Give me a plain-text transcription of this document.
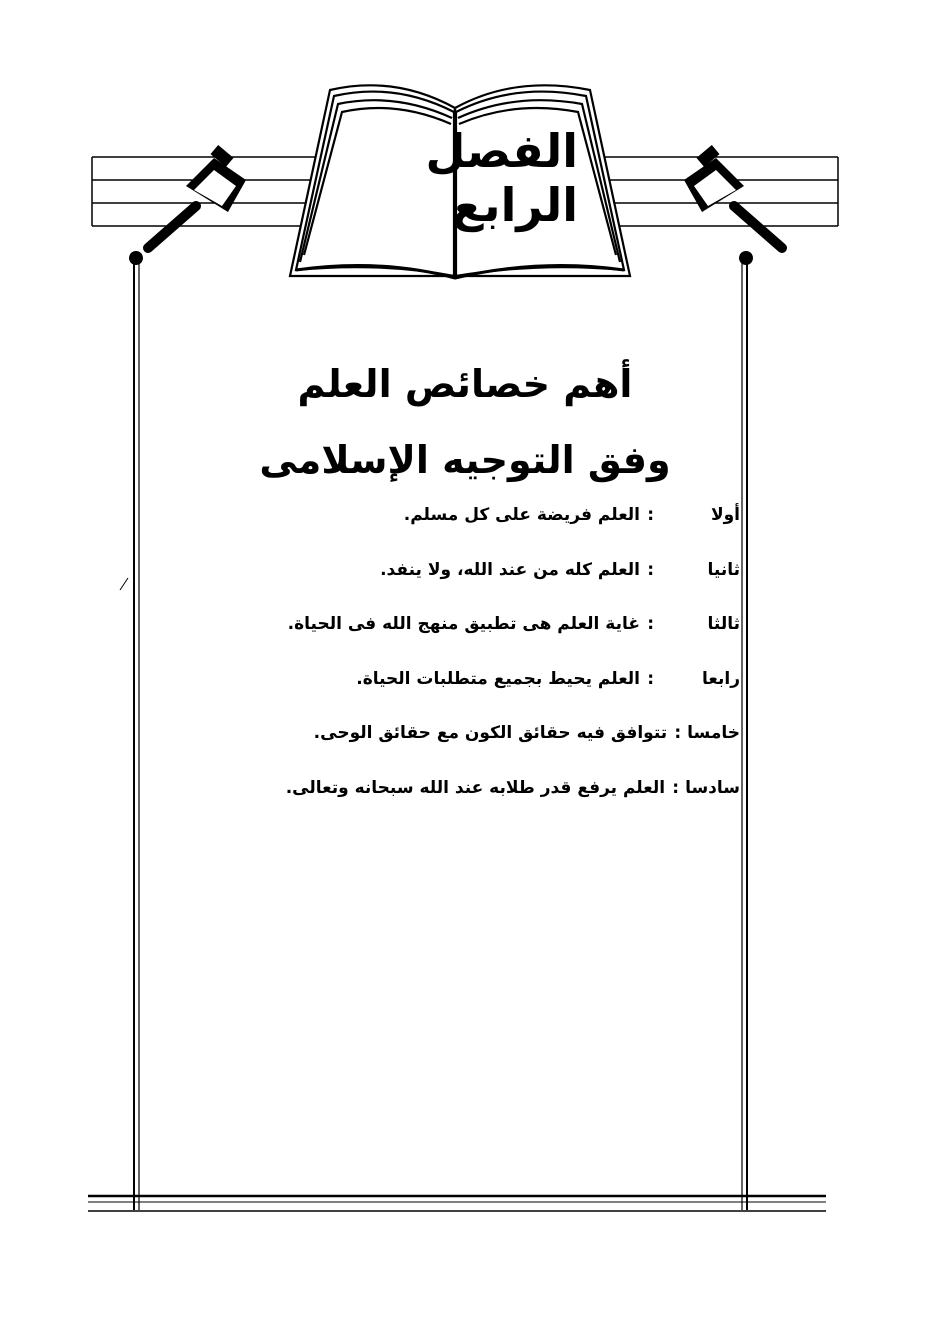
الفصل الرابع
أهم خصائص العلم
وفق التوجيه الإسلامى
أولا
:
العلم فريضة على كل مسلم.
ثانيا
:
العلم كله من عند الله، ولا ينفد.
ثالثا
:
غاية العلم هى تطبيق منهج الله فى الحياة.
رابعا
:
العلم يحيط بجميع متطلبات الحياة.
خامسا
:
تتوافق فيه حقائق الكون مع حقائق الوحى.
سادسا
:
العلم يرفع قدر طلابه عند الله سبحانه وتعالى.
